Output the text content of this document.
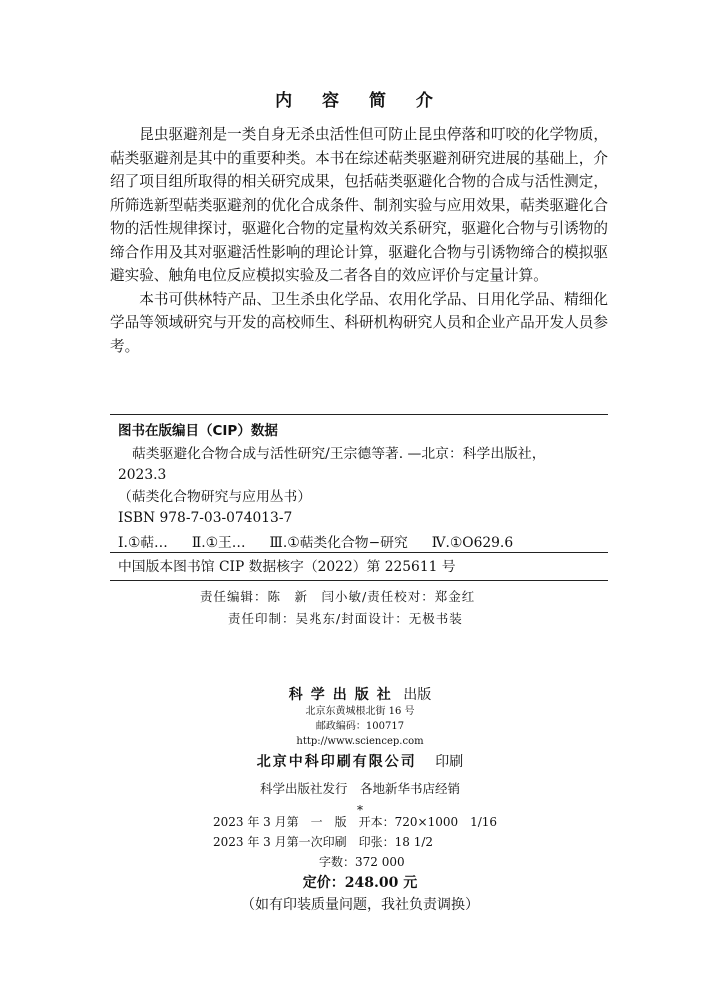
内 容 简 介

昆虫驱避剂是一类自身无杀虫活性但可防止昆虫停落和叮咬的化学物质，萜类驱避剂是其中的重要种类。本书在综述萜类驱避剂研究进展的基础上，介绍了项目组所取得的相关研究成果，包括萜类驱避化合物的合成与活性测定，所筛选新型萜类驱避剂的优化合成条件、制剂实验与应用效果，萜类驱避化合物的活性规律探讨，驱避化合物的定量构效关系研究，驱避化合物与引诱物的缔合作用及其对驱避活性影响的理论计算，驱避化合物与引诱物缔合的模拟驱避实验、触角电位反应模拟实验及二者各自的效应评价与定量计算。

本书可供林特产品、卫生杀虫化学品、农用化学品、日用化学品、精细化学品等领域研究与开发的高校师生、科研机构研究人员和企业产品开发人员参考。

图书在版编目（CIP）数据
萜类驱避化合物合成与活性研究/王宗德等著. —北京：科学出版社，
2023.3
（萜类化合物研究与应用丛书）
ISBN 978-7-03-074013-7
Ⅰ.①萜… Ⅱ.①王… Ⅲ.①萜类化合物−研究 Ⅳ.①O629.6
中国版本图书馆 CIP 数据核字（2022）第 225611 号
责任编辑：陈　新　闫小敏/责任校对：郑金红
责任印制：吴兆东/封面设计：无极书装
科学出版社 出版
北京东黄城根北街 16 号
邮政编码：100717
http://www.sciencep.com
北京中科印刷有限公司 印刷
科学出版社发行　各地新华书店经销
*
2023 年 3 月第　一　版　开本：720×1000　1/16
2023 年 3 月第一次印刷　印张：18 1/2
字数：372 000
定价：248.00 元
（如有印装质量问题，我社负责调换）
